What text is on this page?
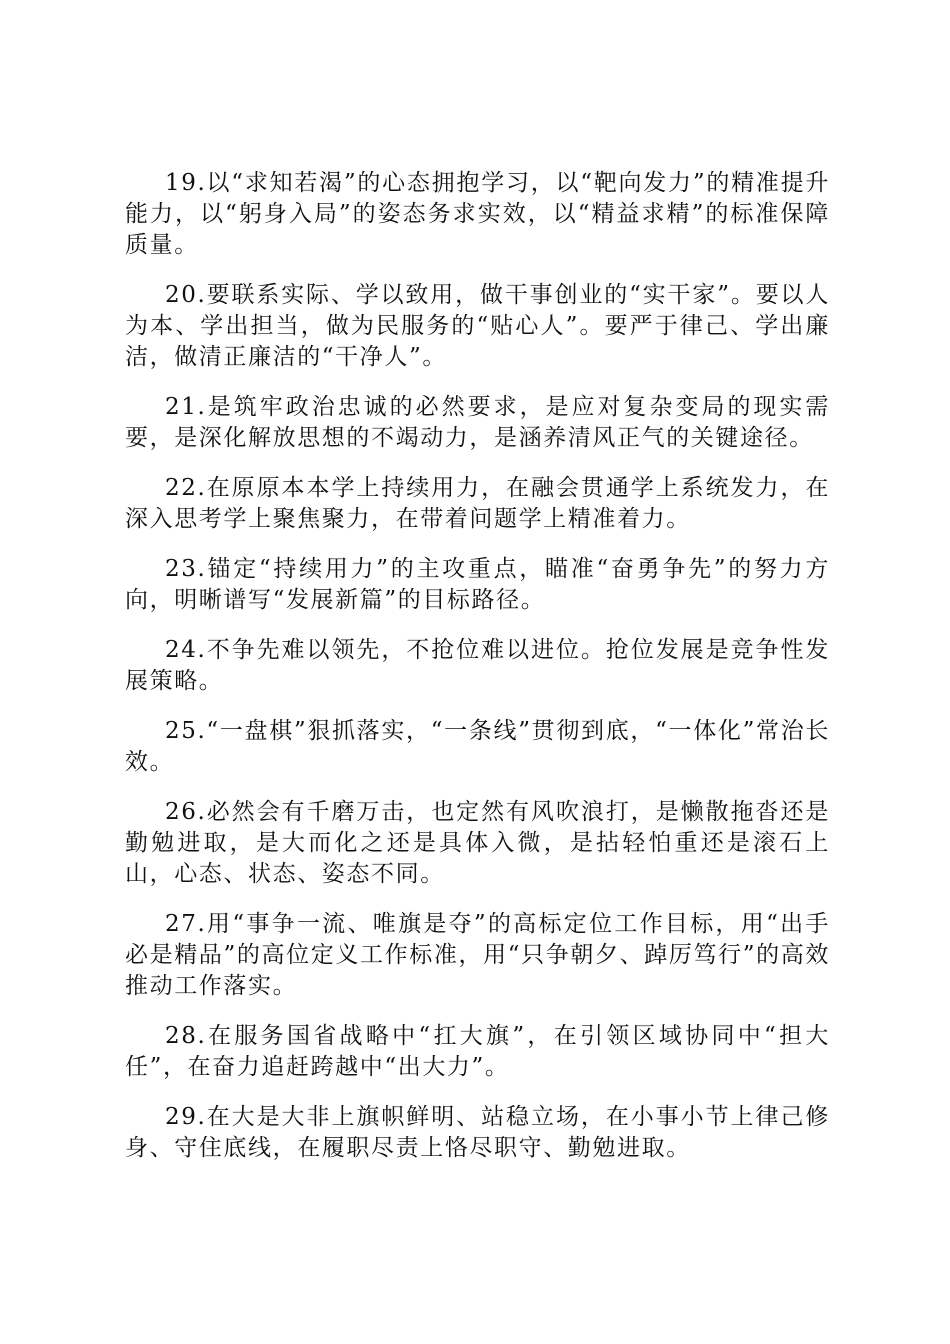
19.以“求知若渴”的心态拥抱学习，以“靶向发力”的精准提升能力，以“躬身入局”的姿态务求实效，以“精益求精”的标准保障质量。

20.要联系实际、学以致用，做干事创业的“实干家”。要以人为本、学出担当，做为民服务的“贴心人”。要严于律己、学出廉洁，做清正廉洁的“干净人”。

21.是筑牢政治忠诚的必然要求，是应对复杂变局的现实需要，是深化解放思想的不竭动力，是涵养清风正气的关键途径。

22.在原原本本学上持续用力，在融会贯通学上系统发力，在深入思考学上聚焦聚力，在带着问题学上精准着力。

23.锚定“持续用力”的主攻重点，瞄准“奋勇争先”的努力方向，明晰谱写“发展新篇”的目标路径。

24.不争先难以领先，不抢位难以进位。抢位发展是竞争性发展策略。

25.“一盘棋”狠抓落实，“一条线”贯彻到底，“一体化”常治长效。

26.必然会有千磨万击，也定然有风吹浪打，是懒散拖沓还是勤勉进取，是大而化之还是具体入微，是拈轻怕重还是滚石上山，心态、状态、姿态不同。

27.用“事争一流、唯旗是夺”的高标定位工作目标，用“出手必是精品”的高位定义工作标准，用“只争朝夕、踔厉笃行”的高效推动工作落实。

28.在服务国省战略中“扛大旗”，在引领区域协同中“担大任”，在奋力追赶跨越中“出大力”。

29.在大是大非上旗帜鲜明、站稳立场，在小事小节上律己修身、守住底线，在履职尽责上恪尽职守、勤勉进取。
